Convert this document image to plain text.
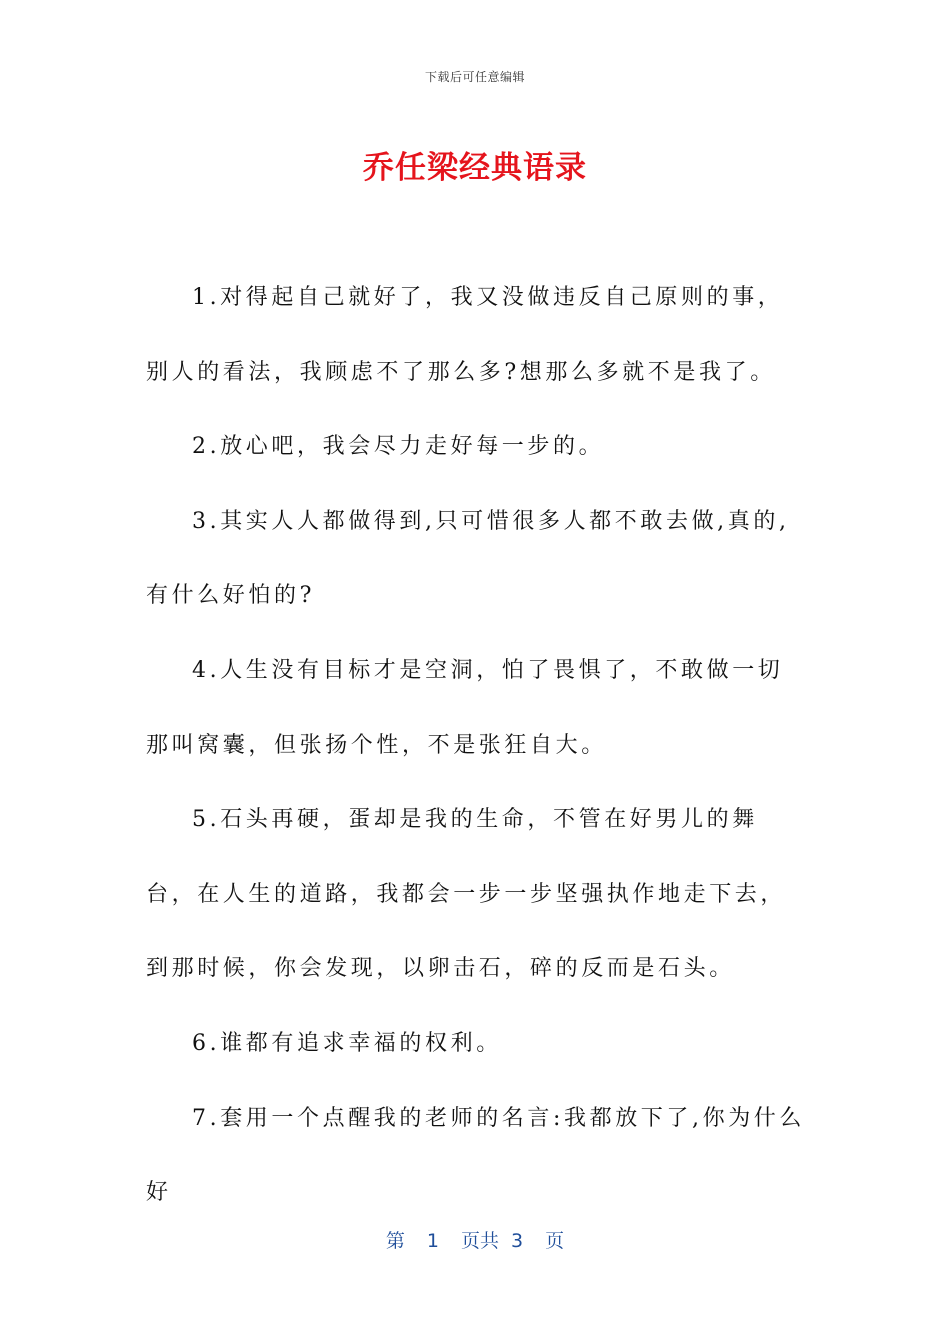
下载后可任意编辑
乔任梁经典语录

1.对得起自己就好了，我又没做违反自己原则的事，别人的看法，我顾虑不了那么多?想那么多就不是我了。

2.放心吧，我会尽力走好每一步的。

3.其实人人都做得到,只可惜很多人都不敢去做,真的,有什么好怕的?

4.人生没有目标才是空洞，怕了畏惧了，不敢做一切那叫窝囊，但张扬个性，不是张狂自大。

5.石头再硬，蛋却是我的生命，不管在好男儿的舞台，在人生的道路，我都会一步一步坚强执作地走下去，到那时候，你会发现，以卵击石，碎的反而是石头。

6.谁都有追求幸福的权利。

7.套用一个点醒我的老师的名言:我都放下了,你为什么好

第 1 页共 3 页
